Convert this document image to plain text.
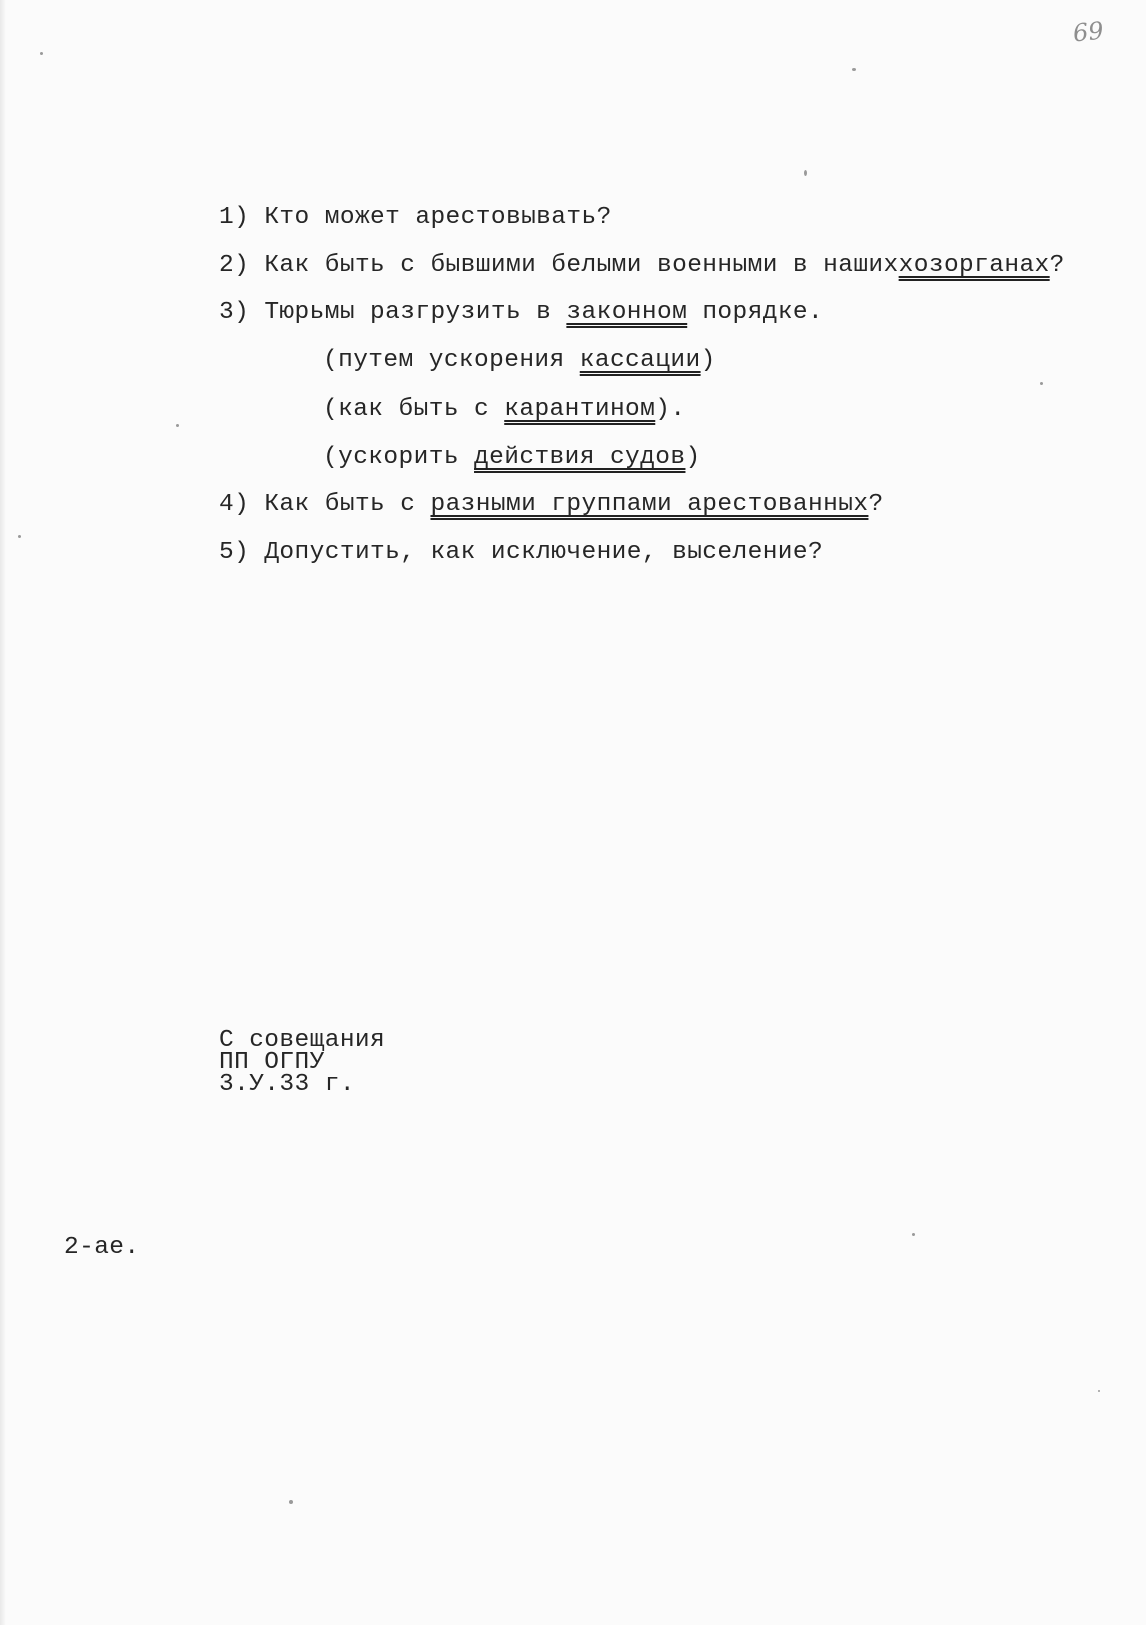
69
1) Кто может арестовывать?
2) Как быть с бывшими белыми военными в нашиххозорганах?
3) Тюрьмы разгрузить в законном порядке.
(путем ускорения кассации)
(как быть с карантином).
(ускорить действия судов)
4) Как быть с разными группами арестованных?
5) Допустить, как исключение, выселение?
С совещания
ПП ОГПУ
3.У.33 г.
2-ае.
